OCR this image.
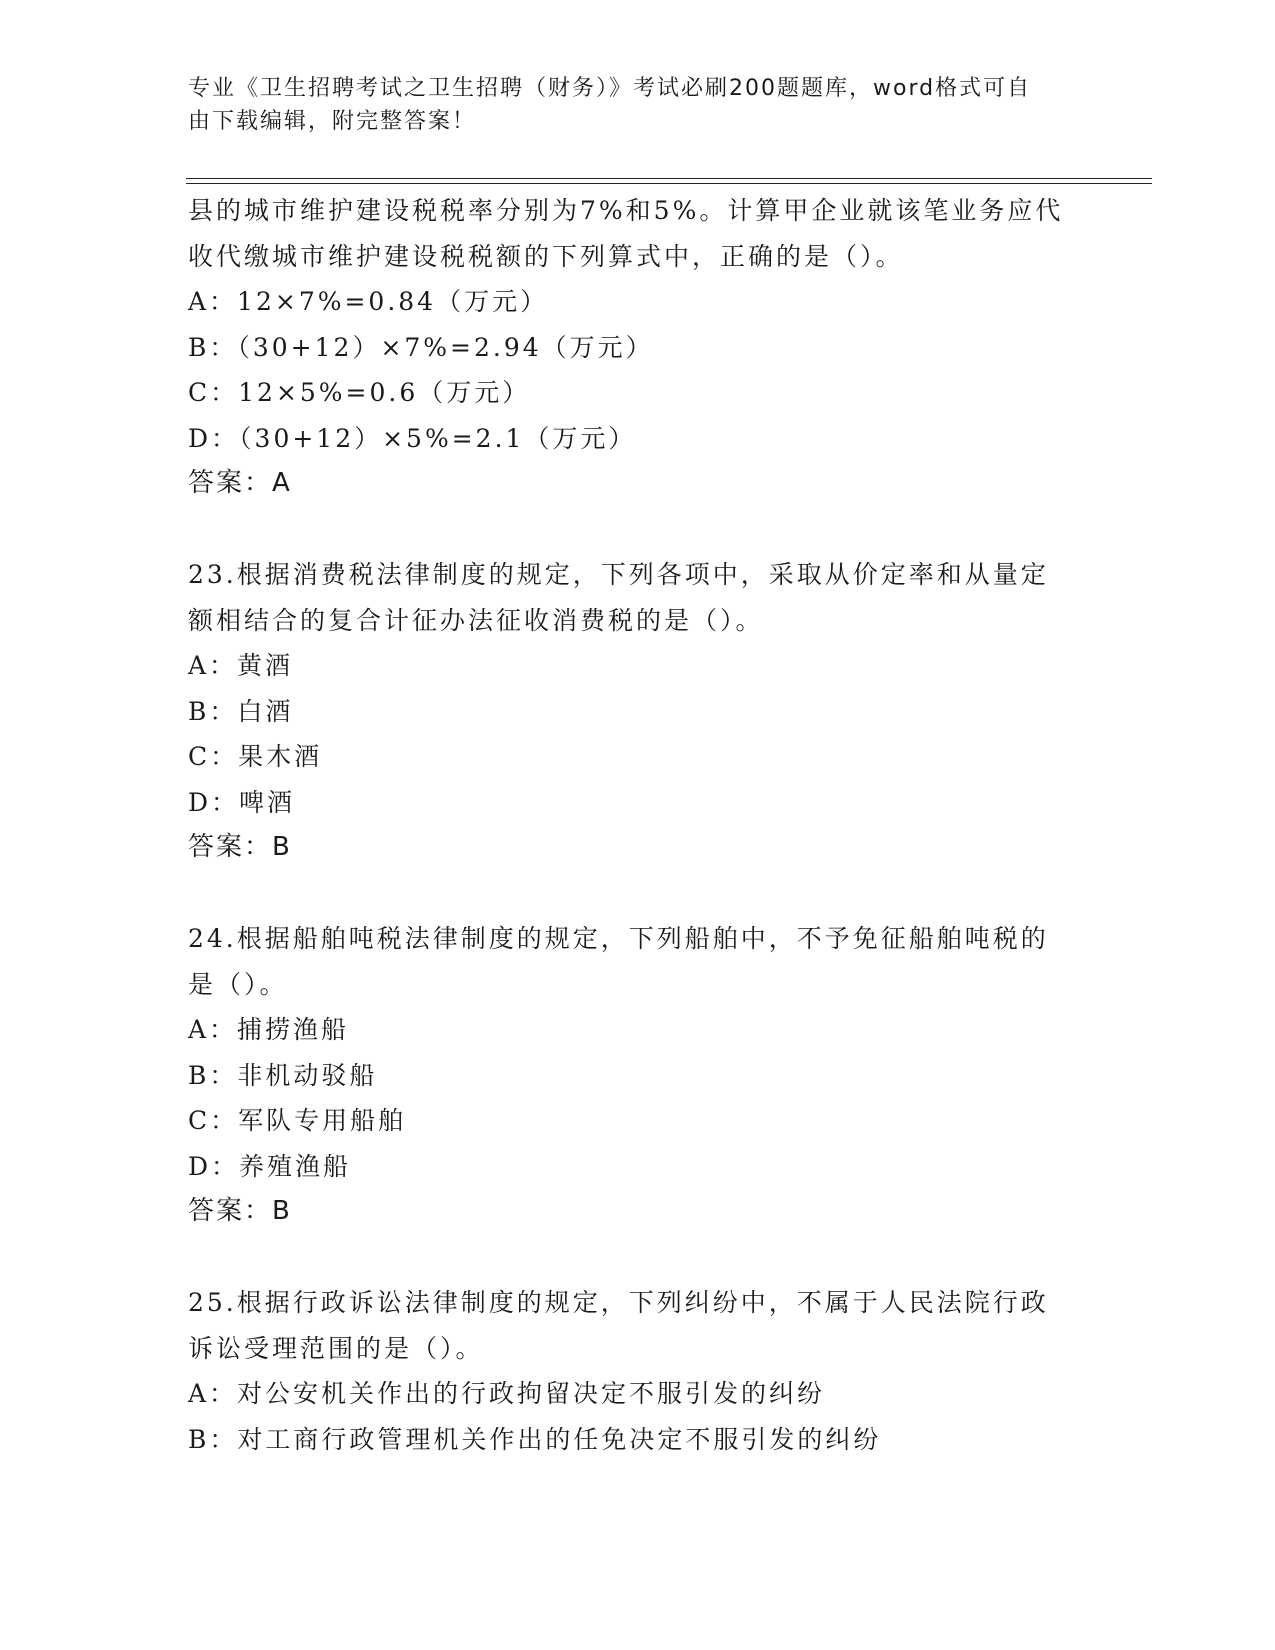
专业《卫生招聘考试之卫生招聘（财务）》考试必刷200题题库，word格式可自
由下载编辑，附完整答案！
县的城市维护建设税税率分别为7%和5%。计算甲企业就该笔业务应代
收代缴城市维护建设税税额的下列算式中，正确的是（）。
A：12×7%=0.84（万元）
B：（30+12）×7%=2.94（万元）
C：12×5%=0.6（万元）
D：（30+12）×5%=2.1（万元）
答案：A
23.根据消费税法律制度的规定，下列各项中，采取从价定率和从量定
额相结合的复合计征办法征收消费税的是（）。
A：黄酒
B：白酒
C：果木酒
D：啤酒
答案：B
24.根据船舶吨税法律制度的规定，下列船舶中，不予免征船舶吨税的
是（）。
A：捕捞渔船
B：非机动驳船
C：军队专用船舶
D：养殖渔船
答案：B
25.根据行政诉讼法律制度的规定，下列纠纷中，不属于人民法院行政
诉讼受理范围的是（）。
A：对公安机关作出的行政拘留决定不服引发的纠纷
B：对工商行政管理机关作出的任免决定不服引发的纠纷
